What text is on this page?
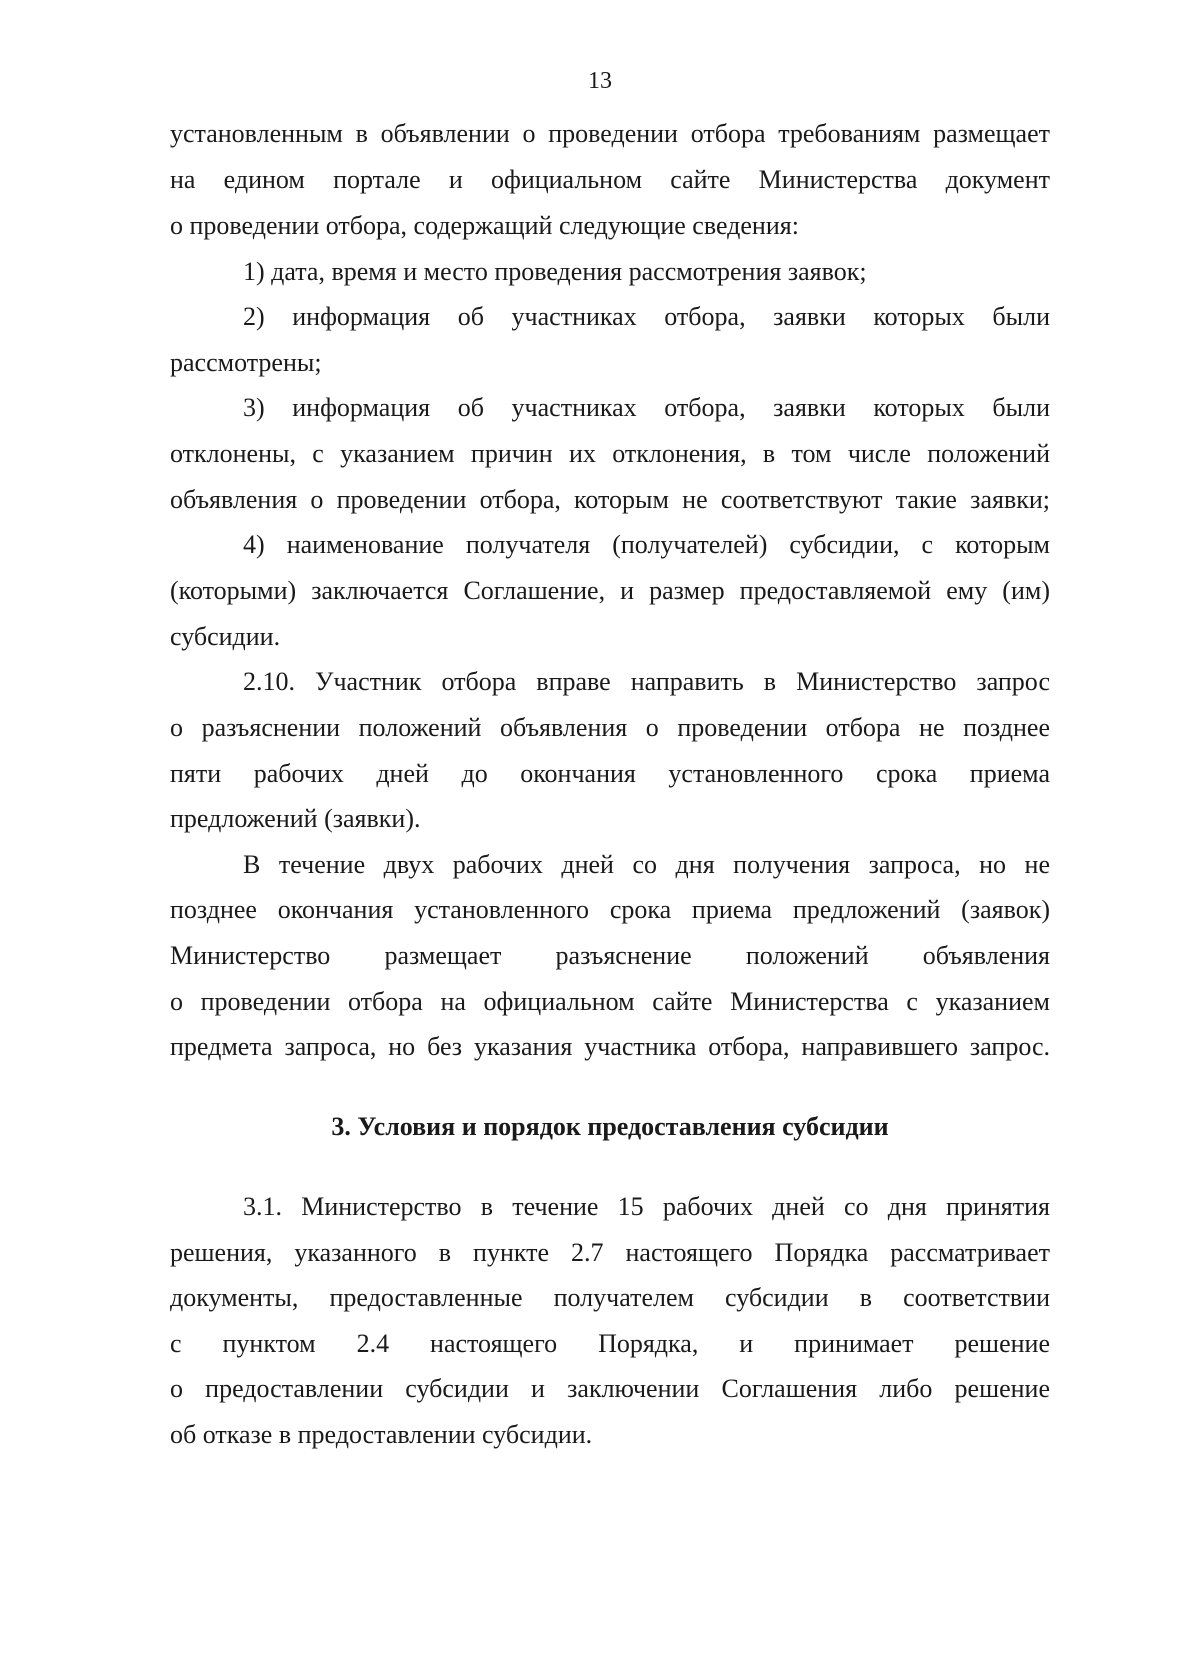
13
установленным в объявлении о проведении отбора требованиям размещает
на едином портале и официальном сайте Министерства документ
о проведении отбора, содержащий следующие сведения:
1) дата, время и место проведения рассмотрения заявок;
2) информация об участниках отбора, заявки которых были
рассмотрены;
3) информация об участниках отбора, заявки которых были
отклонены, с указанием причин их отклонения, в том числе положений
объявления о проведении отбора, которым не соответствуют такие заявки;
4) наименование получателя (получателей) субсидии, с которым
(которыми) заключается Соглашение, и размер предоставляемой ему (им)
субсидии.
2.10. Участник отбора вправе направить в Министерство запрос
о разъяснении положений объявления о проведении отбора не позднее
пяти рабочих дней до окончания установленного срока приема
предложений (заявки).
В течение двух рабочих дней со дня получения запроса, но не
позднее окончания установленного срока приема предложений (заявок)
Министерство размещает разъяснение положений объявления
о проведении отбора на официальном сайте Министерства с указанием
предмета запроса, но без указания участника отбора, направившего запрос.
3. Условия и порядок предоставления субсидии
3.1. Министерство в течение 15 рабочих дней со дня принятия
решения, указанного в пункте 2.7 настоящего Порядка рассматривает
документы, предоставленные получателем субсидии в соответствии
с пунктом 2.4 настоящего Порядка, и принимает решение
о предоставлении субсидии и заключении Соглашения либо решение
об отказе в предоставлении субсидии.
